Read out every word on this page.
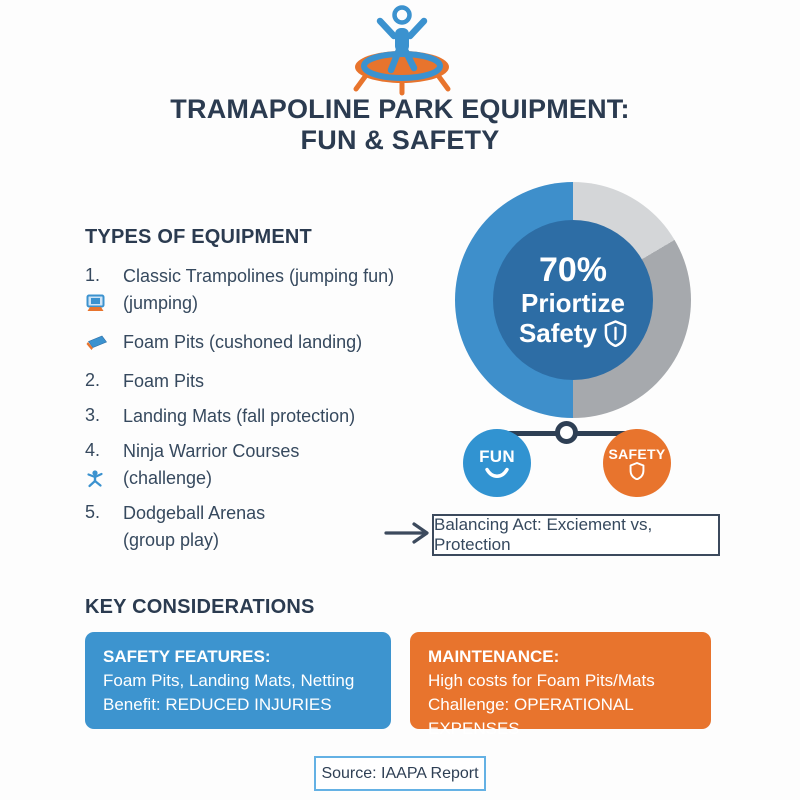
TRAMAPOLINE PARK EQUIPMENT:
FUN & SAFETY
TYPES OF EQUIPMENT
1.	Classic Trampolines (jumping fun)
(jumping)
Foam Pits (cushoned landing)
2.	Foam Pits
3.	Landing Mats (fall protection)
4.	Ninja Warrior Courses
(challenge)
5.	Dodgeball Arenas
(group play)
70%
Priortize
Safety
FUN	SAFETY
Balancing Act: Exciement vs, Protection
KEY CONSIDERATIONS
SAFETY FEATURES:
Foam Pits, Landing Mats, Netting
Benefit: REDUCED INJURIES
MAINTENANCE:
High costs for Foam Pits/Mats
Challenge: OPERATIONAL EXPENSES
Source: IAAPA Report
